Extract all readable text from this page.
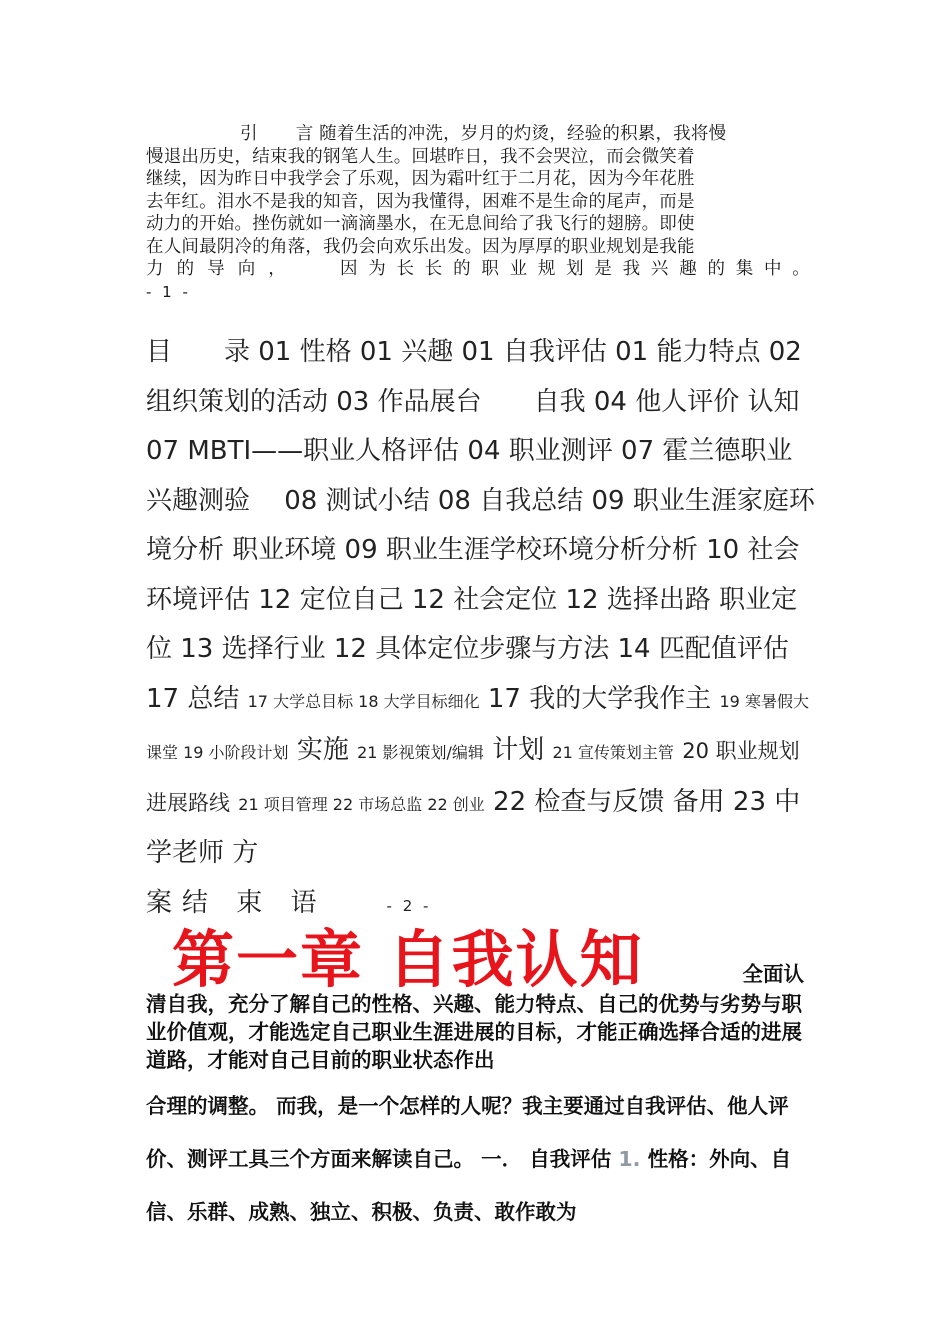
引 言 随着生活的冲洗，岁月的灼烫，经验的积累，我将慢
慢退出历史，结束我的钢笔人生。回堪昨日，我不会哭泣，而会微笑着
继续，因为昨日中我学会了乐观，因为霜叶红于二月花，因为今年花胜
去年红。泪水不是我的知音，因为我懂得，困难不是生命的尾声，而是
动力的开始。挫伤就如一滴滴墨水，在无息间给了我飞行的翅膀。即使
在人间最阴冷的角落，我仍会向欢乐出发。因为厚厚的职业规划是我能
力 的 导 向 ，	因 为 长 长 的 职 业 规 划 是 我 兴 趣 的 集 中 。
- 1 -
目　　录 01 性格 01 兴趣 01 自我评估 01 能力特点 02 组织策划的活动 03 作品展台　　自我 04 他人评价 认知　　07 MBTI——职业人格评估 04 职业测评 07 霍兰德职业兴趣测验　 08 测试小结 08 自我总结 09 职业生涯家庭环境分析 职业环境 09 职业生涯学校环境分析分析 10 社会环境评估 12 定位自己 12 社会定位 12 选择出路 职业定位 13 选择行业 12 具体定位步骤与方法 14 匹配值评估 17 总结 17 大学总目标 18 大学目标细化 17 我的大学我作主 19 寒暑假大课堂 19 小阶段计划 实施 21 影视策划/编辑 计划 21 宣传策划主管 20 职业规划进展路线 21 项目管理 22 市场总监 22 创业 22 检查与反馈 备用 23 中学老师 方
案结 束 语	- 2 -
第一章 自我认知	全面认
清自我，充分了解自己的性格、兴趣、能力特点、自己的优势与劣势与职业价值观，才能选定自己职业生涯进展的目标，才能正确选择合适的进展道路，才能对自己目前的职业状态作出
合理的调整。 而我，是一个怎样的人呢？我主要通过自我评估、他人评价、测评工具三个方面来解读自己。 一． 自我评估 1. 性格：外向、自信、乐群、成熟、独立、积极、负责、敢作敢为
